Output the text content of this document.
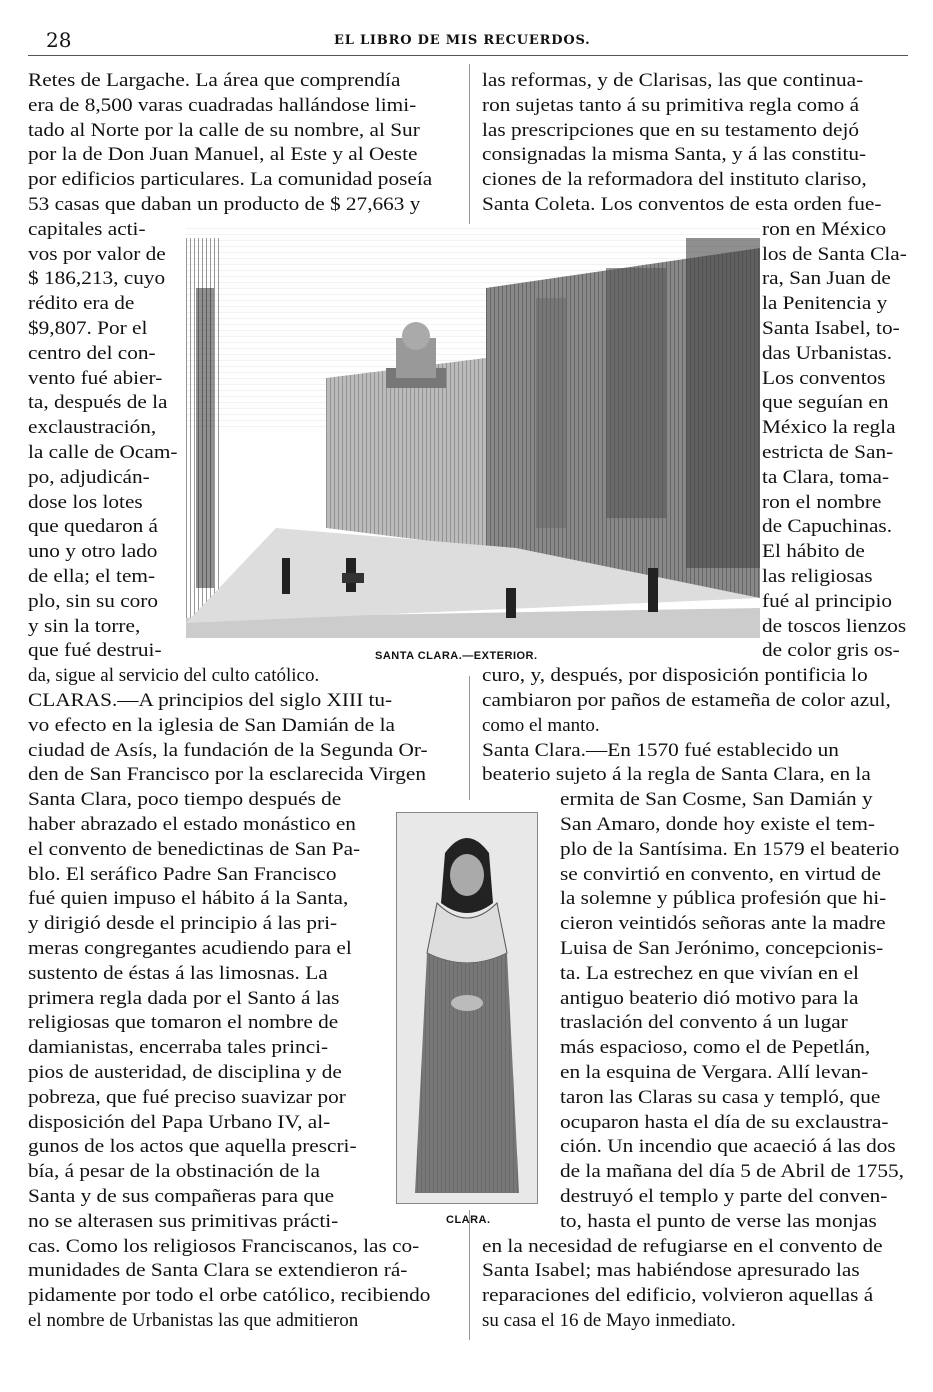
28	EL LIBRO DE MIS RECUERDOS.
SANTA CLARA.—EXTERIOR.
CLARA.
Retes de Largache. La área que comprendía
era de 8,500 varas cuadradas hallándose limi-
tado al Norte por la calle de su nombre, al Sur
por la de Don Juan Manuel, al Este y al Oeste
por edificios particulares. La comunidad poseía
53 casas que daban un producto de $ 27,663 y
capitales acti-
vos por valor de
$ 186,213, cuyo
rédito era de
$9,807. Por el
centro del con-
vento fué abier-
ta, después de la
exclaustración,
la calle de Ocam-
po, adjudicán-
dose los lotes
que quedaron á
uno y otro lado
de ella; el tem-
plo, sin su coro
y sin la torre,
que fué destrui-
da, sigue al servicio del culto católico.
CLARAS.—A principios del siglo XIII tu-
vo efecto en la iglesia de San Damián de la
ciudad de Asís, la fundación de la Segunda Or-
den de San Francisco por la esclarecida Virgen
Santa Clara, poco tiempo después de
haber abrazado el estado monástico en
el convento de benedictinas de San Pa-
blo. El seráfico Padre San Francisco
fué quien impuso el hábito á la Santa,
y dirigió desde el principio á las pri-
meras congregantes acudiendo para el
sustento de éstas á las limosnas. La
primera regla dada por el Santo á las
religiosas que tomaron el nombre de
damianistas, encerraba tales princi-
pios de austeridad, de disciplina y de
pobreza, que fué preciso suavizar por
disposición del Papa Urbano IV, al-
gunos de los actos que aquella prescri-
bía, á pesar de la obstinación de la
Santa y de sus compañeras para que
no se alterasen sus primitivas prácti-
cas. Como los religiosos Franciscanos, las co-
munidades de Santa Clara se extendieron rá-
pidamente por todo el orbe católico, recibiendo
el nombre de Urbanistas las que admitieron
las reformas, y de Clarisas, las que continua-
ron sujetas tanto á su primitiva regla como á
las prescripciones que en su testamento dejó
consignadas la misma Santa, y á las constitu-
ciones de la reformadora del instituto clariso,
Santa Coleta. Los conventos de esta orden fue-
ron en México
los de Santa Cla-
ra, San Juan de
la Penitencia y
Santa Isabel, to-
das Urbanistas.
Los conventos
que seguían en
México la regla
estricta de San-
ta Clara, toma-
ron el nombre
de Capuchinas.
El hábito de
las religiosas
fué al principio
de toscos lienzos
de color gris os-
curo, y, después, por disposición pontificia lo
cambiaron por paños de estameña de color azul,
como el manto.
Santa Clara.—En 1570 fué establecido un
beaterio sujeto á la regla de Santa Clara, en la
ermita de San Cosme, San Damián y
San Amaro, donde hoy existe el tem-
plo de la Santísima. En 1579 el beaterio
se convirtió en convento, en virtud de
la solemne y pública profesión que hi-
cieron veintidós señoras ante la madre
Luisa de San Jerónimo, concepcionis-
ta. La estrechez en que vivían en el
antiguo beaterio dió motivo para la
traslación del convento á un lugar
más espacioso, como el de Pepetlán,
en la esquina de Vergara. Allí levan-
taron las Claras su casa y templó, que
ocuparon hasta el día de su exclaustra-
ción. Un incendio que acaeció á las dos
de la mañana del día 5 de Abril de 1755,
destruyó el templo y parte del conven-
to, hasta el punto de verse las monjas
en la necesidad de refugiarse en el convento de
Santa Isabel; mas habiéndose apresurado las
reparaciones del edificio, volvieron aquellas á
su casa el 16 de Mayo inmediato.
